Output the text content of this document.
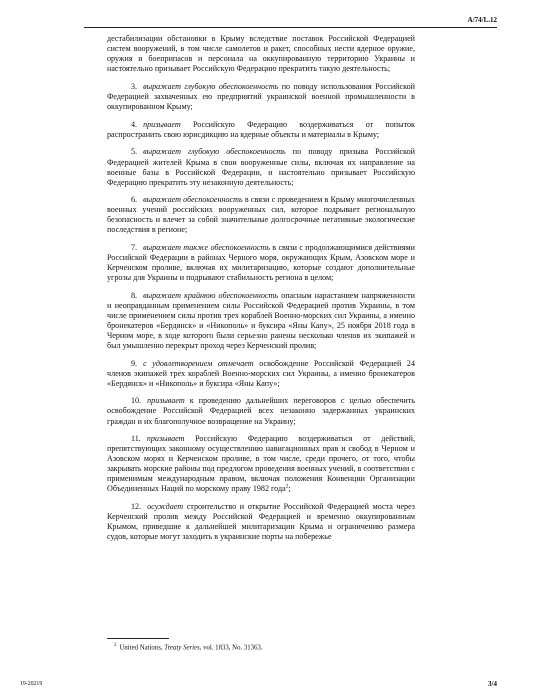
A/74/L.12

дестабилизации обстановки в Крыму вследствие поставок Российской Федерацией систем вооружений, в том числе самолетов и ракет, способных нести ядерное оружие, оружия и боеприпасов и персонала на оккупированную территорию Украины и настоятельно призывает Российскую Федерацию прекратить такую деятельность;

3. выражает глубокую обеспокоенность по поводу использования Российской Федерацией захваченных ею предприятий украинской военной промышленности в оккупированном Крыму;

4. призывает Российскую Федерацию воздерживаться от попыток распространить свою юрисдикцию на ядерные объекты и материалы в Крыму;

5. выражает глубокую обеспокоенность по поводу призыва Российской Федерацией жителей Крыма в свои вооруженные силы, включая их направление на военные базы в Российской Федерации, и настоятельно призывает Российскую Федерацию прекратить эту незаконную деятельность;

6. выражает обеспокоенность в связи с проведением в Крыму многочисленных военных учений российских вооруженных сил, которое подрывает региональную безопасность и влечет за собой значительные долгосрочные негативные экологические последствия в регионе;

7. выражает также обеспокоенность в связи с продолжающимися действиями Российской Федерации в районах Черного моря, окружающих Крым, Азовском море и Керченском проливе, включая их милитаризацию, которые создают дополнительные угрозы для Украины и подрывают стабильность региона в целом;

8. выражает крайнюю обеспокоенность опасным нарастанием напряженности и неоправданным применением силы Российской Федерацией против Украины, в том числе применением силы против трех кораблей Военно-морских сил Украины, а именно бронекатеров «Бердянск» и «Никополь» и буксира «Яны Капу», 25 ноября 2018 года в Черном море, в ходе которого были серьезно ранены несколько членов их экипажей и был умышленно перекрыт проход через Керченский пролив;

9. с удовлетворением отмечает освобождение Российской Федерацией 24 членов экипажей трех кораблей Военно-морских сил Украины, а именно бронекатеров «Бердянск» и «Никополь» и буксира «Яны Капу»;

10. призывает к проведению дальнейших переговоров с целью обеспечить освобождение Российской Федерацией всех незаконно задержанных украинских граждан и их благополучное возвращение на Украину;

11. призывает Российскую Федерацию воздерживаться от действий, препятствующих законному осуществлению навигационных прав и свобод в Черном и Азовском морях и Керченском проливе, в том числе, среди прочего, от того, чтобы закрывать морские районы под предлогом проведения военных учений, в соответствии с применимым международным правом, включая положения Конвенции Организации Объединенных Наций по морскому праву 1982 года$^2$;

12. осуждает строительство и открытие Российской Федерацией моста через Керченский пролив между Российской Федерацией и временно оккупированным Крымом, приведшие к дальнейшей милитаризации Крыма и ограничению размера судов, которые могут заходить в украинские порты на побережье

$^2$ United Nations, Treaty Series, vol. 1833, No. 31363.
19-20219	3/4
